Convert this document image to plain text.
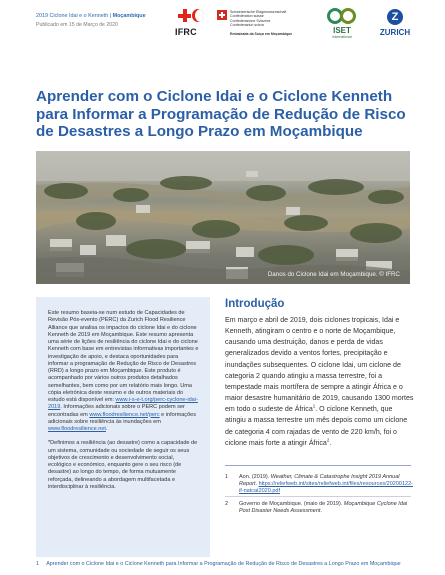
2019 Ciclone Idai e o Kenneth | Moçambique
Publicado em 15 de Março de 2020
IFRC
Schweizerische Eidgenossenschaft
Confédération suisse
Confederazione Svizzera
Confederaziun svizra
Embaixada da Suíça em Moçambique	ISET
International
Z
ZURICH
Aprender com o Ciclone Idai e o Ciclone Kenneth para Informar a Programação de Redução de Risco de Desastres a Longo Prazo em Moçambique
Danos do Ciclone Idai em Moçambique. © IFRC

Este resumo baseia-se num estudo de Capacidades de Revisão Pós-evento (PERC) da Zurich Flood Resilience Alliance que analisa os impactos do ciclone Idai e do ciclone Kenneth de 2019 em Moçambique. Este resumo apresenta uma série de lições de resiliência do ciclone Idai e do ciclone Kenneth com base em entrevistas informativas importantes e investigação de apoio, e destaca oportunidades para informar a programação de Redução de Risco de Desastres (RRD) a longo prazo em Moçambique. Este produto é acompanhado por vários outros produtos detalhados semelhantes, bem como por um relatório mais longo. Uma cópia eletrónica deste resumo e de outros materiais do estudo está disponível em: www.i-s-e-t.org/perc-cyclone-idai-2019. Informações adicionais sobre o PERC podem ser encontradas em www.floodresilience.net/perc e informações adicionais sobre resiliência às inundações em www.floodresilience.net.

*Definimos a resiliência (ao desastre) como a capacidade de um sistema, comunidade ou sociedade de seguir os seus objetivos de crescimento e desenvolvimento social, ecológico e económico, enquanto gere o seu risco (de desastre) ao longo do tempo, de forma mutuamente reforçada, delineando a abordagem multifacetada e interdisciplinar à resiliência.

Introdução

Em março e abril de 2019, dois ciclones tropicais, Idai e Kenneth, atingiram o centro e o norte de Moçambique, causando uma destruição, danos e perda de vidas generalizados devido a ventos fortes, precipitação e inundações subsequentes. O ciclone Idai, um ciclone de categoria 2 quando atingiu a massa terrestre, foi a tempestade mais mortífera de sempre a atingir África e o maior desastre humanitário de 2019, causando 1300 mortes em todo o sudeste de África$^1$. O ciclone Kenneth, que atingiu a massa terrestre um mês depois como um ciclone de categoria 4 com rajadas de vento de 220 km/h, foi o ciclone mais forte a atingir África$^2$.

1 Aon. (2019). Weather, Climate & Catastrophe Insight 2019 Annual Report. https://reliefweb.int/sites/reliefweb.int/files/resources/20200122-if-natcat2020.pdf
2 Governo de Moçambique. (maio de 2019). Moçambique Cyclone Idai Post Disaster Needs Assessment.
1 Aprender com o Ciclone Idai e o Ciclone Kenneth para Informar a Programação de Redução de Risco de Desastres a Longo Prazo em Moçambique
